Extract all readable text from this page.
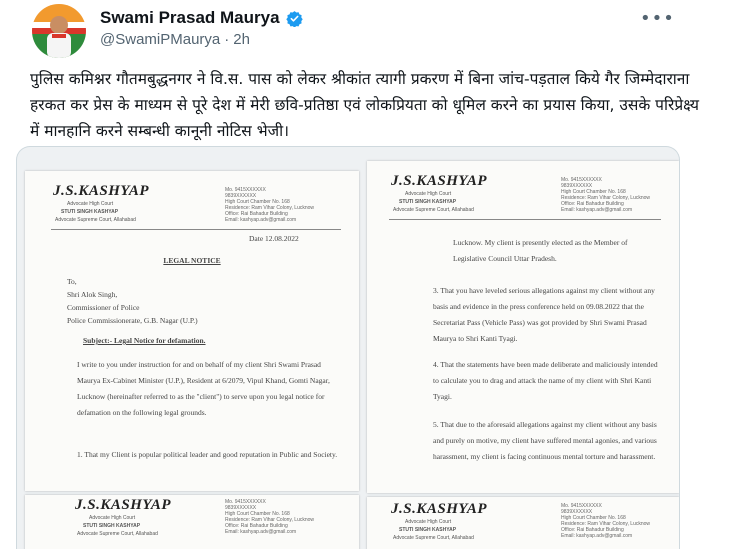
Swami Prasad Maurya
@SwamiPMaurya · 2h
•••

पुलिस कमिश्नर गौतमबुद्धनगर ने वि.स. पास को लेकर श्रीकांत त्यागी प्रकरण में बिना जांच-पड़ताल किये गैर जिम्मेदाराना हरकत कर प्रेस के माध्यम से पूरे देश में मेरी छवि-प्रतिष्ठा एवं लोकप्रियता को धूमिल करने का प्रयास किया, उसके परिप्रेक्ष्य में मानहानि करने सम्बन्धी कानूनी नोटिस भेजी।

J.S.KASHYAP
Advocate High Court
STUTI SINGH KASHYAP
Advocate Supreme Court, Allahabad
Mo. 9415XXXXXX
9839XXXXXX
High Court Chamber No. 168
Residence: Ram Vihar Colony, Lucknow
Office: Rai Bahadur Building
Email: kashyap.adv@gmail.com
Date 12.08.2022
LEGAL NOTICE

To,

Shri Alok Singh,

Commissioner of Police

Police Commissionerate, G.B. Nagar (U.P.)

Subject:- Legal Notice for defamation.
I write to you under instruction for and on behalf of my client Shri Swami Prasad Maurya Ex-Cabinet Minister (U.P.), Resident at 6/2079, Vipul Khand, Gomti Nagar, Lucknow (hereinafter referred to as the "client") to serve upon you legal notice for defamation on the following legal grounds.
1. That my Client is popular political leader and good reputation in Public and Society.
J.S.KASHYAP
Advocate High Court
STUTI SINGH KASHYAP
Advocate Supreme Court, Allahabad
Mo. 9415XXXXXX
9839XXXXXX
High Court Chamber No. 168
Residence: Ram Vihar Colony, Lucknow
Office: Rai Bahadur Building
Email: kashyap.adv@gmail.com
Lucknow. My client is presently elected as the Member of Legislative Council Uttar Pradesh.
3. That you have leveled serious allegations against my client without any basis and evidence in the press conference held on 09.08.2022 that the Secretariat Pass (Vehicle Pass) was got provided by Shri Swami Prasad Maurya to Shri Kanti Tyagi.
4. That the statements have been made deliberate and maliciously intended to calculate you to drag and attack the name of my client with Shri Kanti Tyagi.
5. That due to the aforesaid allegations against my client without any basis and purely on motive, my client have suffered mental agonies, and various harassment, my client is facing continuous mental torture and harassment.
J.S.KASHYAP
Advocate High Court
STUTI SINGH KASHYAP
Advocate Supreme Court, Allahabad
Mo. 9415XXXXXX
9839XXXXXX
High Court Chamber No. 168
Residence: Ram Vihar Colony, Lucknow
Office: Rai Bahadur Building
Email: kashyap.adv@gmail.com
J.S.KASHYAP
Advocate High Court
STUTI SINGH KASHYAP
Advocate Supreme Court, Allahabad
Mo. 9415XXXXXX
9839XXXXXX
High Court Chamber No. 168
Residence: Ram Vihar Colony, Lucknow
Office: Rai Bahadur Building
Email: kashyap.adv@gmail.com
